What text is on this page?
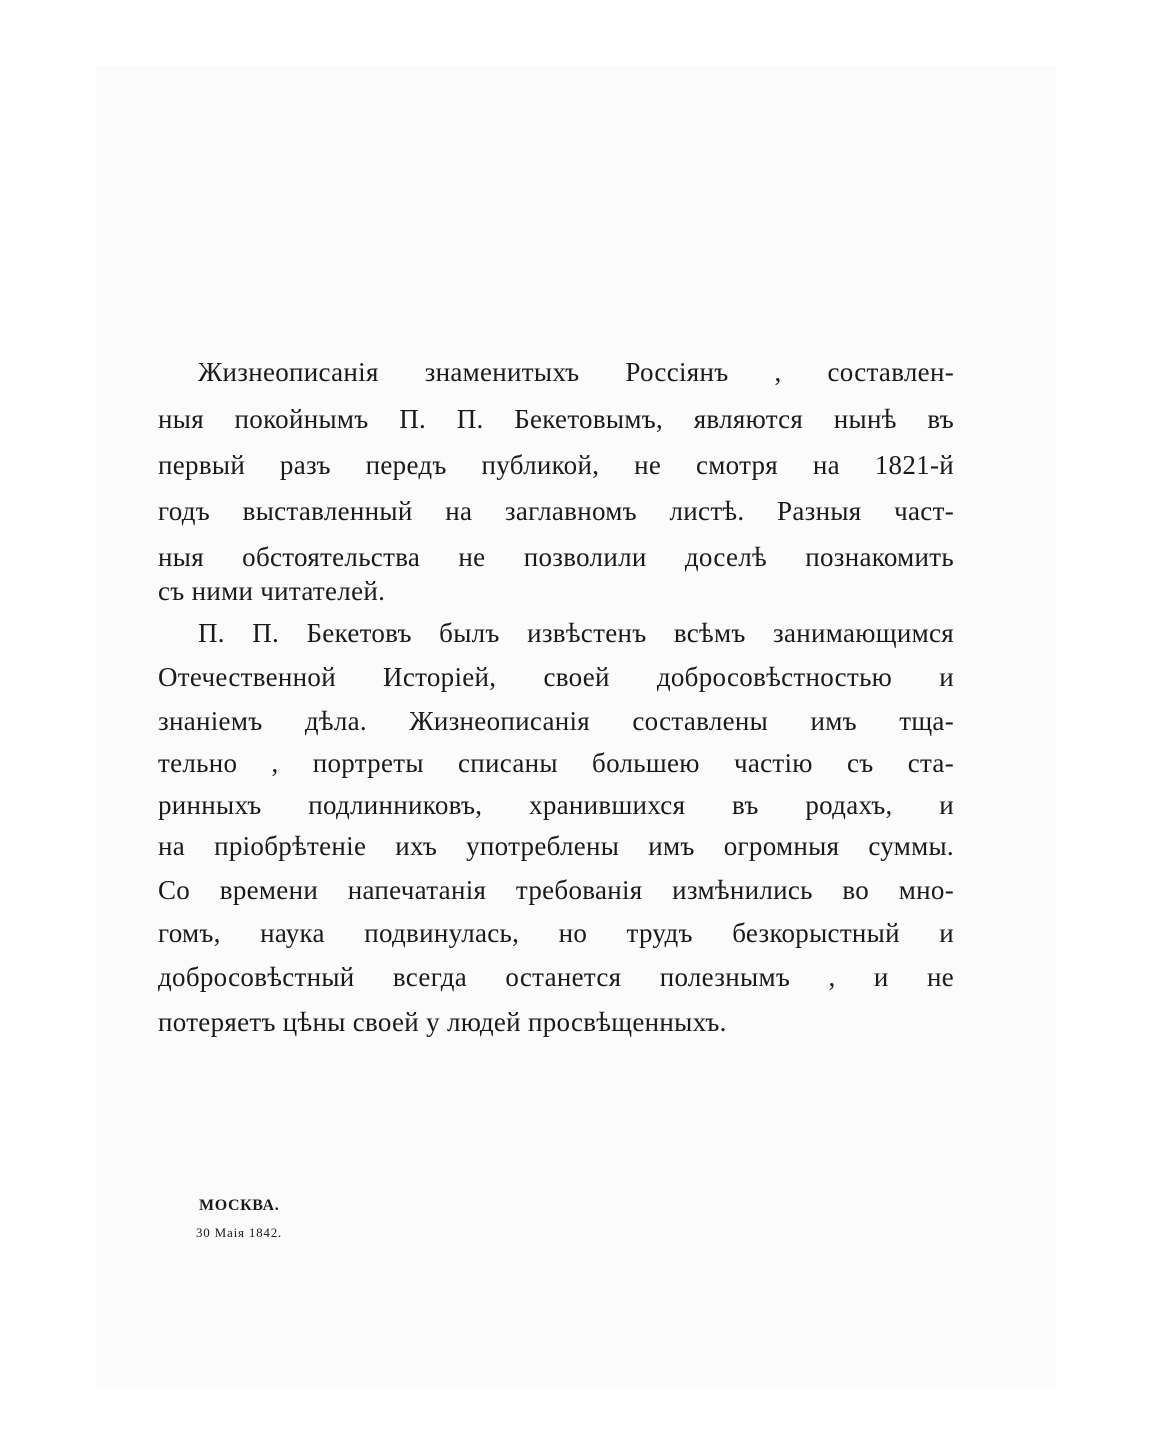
Жизнеописанія знаменитыхъ Россіянъ , составлен-

ныя покойнымъ П. П. Бекетовымъ, являются нынѣ въ

первый разъ передъ публикой, не смотря на 1821-й

годъ выставленный на заглавномъ листѣ. Разныя част-

ныя обстоятельства не позволили доселѣ познакомить

съ ними читателей.

П. П. Бекетовъ былъ извѣстенъ всѣмъ занимающимся

Отечественной Исторіей, своей добросовѣстностью и

знаніемъ дѣла. Жизнеописанія составлены имъ тща-

тельно , портреты списаны большею частію съ ста-

ринныхъ подлинниковъ, хранившихся въ родахъ, и

на пріобрѣтеніе ихъ употреблены имъ огромныя суммы.

Со времени напечатанія требованія измѣнились во мно-

гомъ, наука подвинулась, но трудъ безкорыстный и

добросовѣстный всегда останется полезнымъ , и не

потеряетъ цѣны своей у людей просвѣщенныхъ.

МОСКВА.

30 Маія 1842.
